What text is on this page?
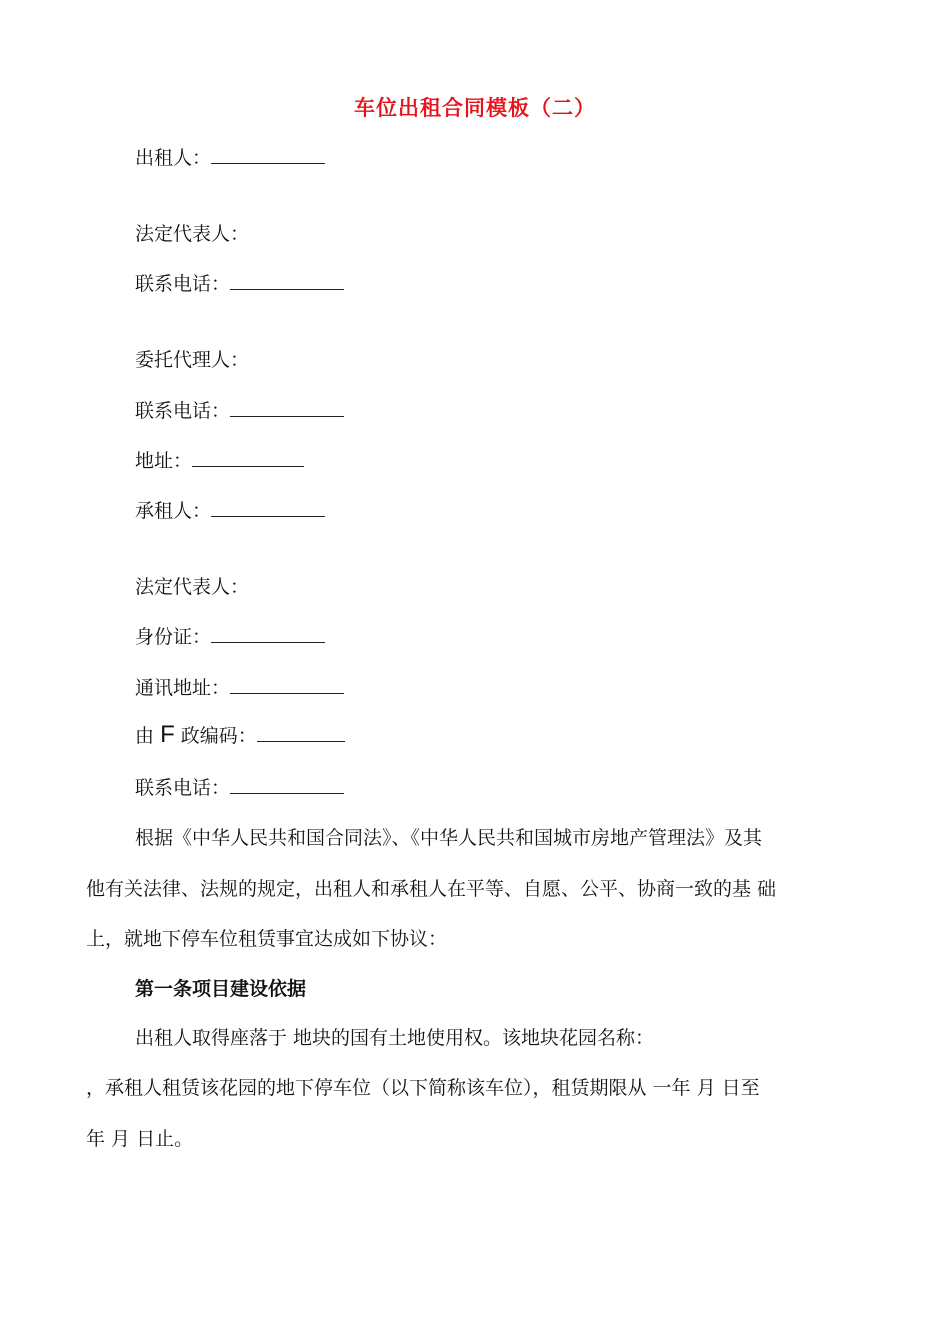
车位出租合同模板（二）
出租人：
法定代表人：
联系电话：
委托代理人：
联系电话：
地址：
承租人：
法定代表人：
身份证：
通讯地址：
由 F 政编码：
联系电话：
根据《中华人民共和国合同法》、《中华人民共和国城市房地产管理法》及其
他有关法律、法规的规定，出租人和承租人在平等、自愿、公平、协商一致的基 础
上，就地下停车位租赁事宜达成如下协议：
第一条项目建设依据
出租人取得座落于 地块的国有土地使用权。该地块花园名称：
，承租人租赁该花园的地下停车位（以下简称该车位），租赁期限从 一年 月 日至
年 月 日止。
